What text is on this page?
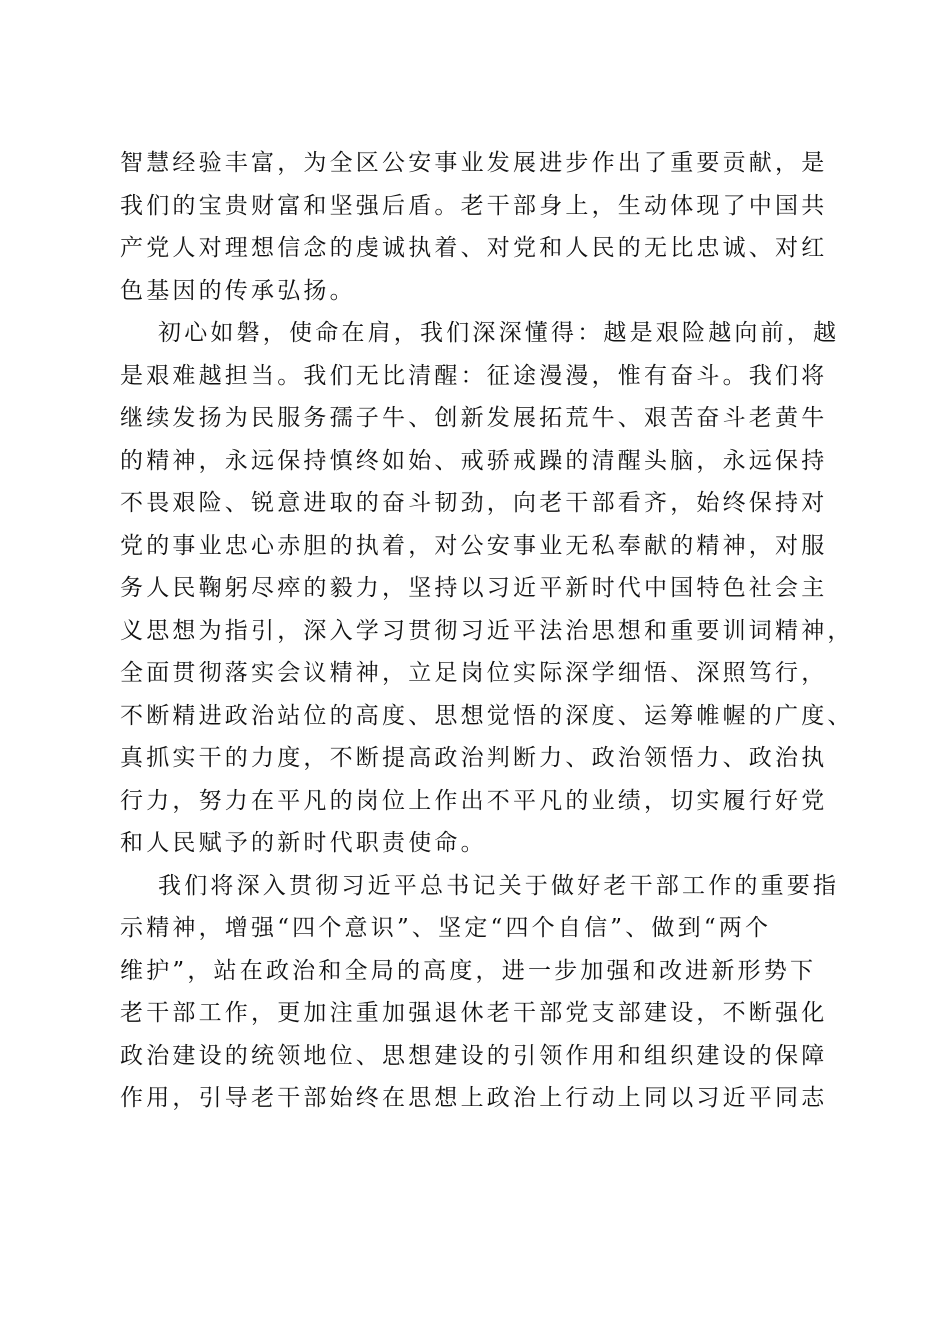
智慧经验丰富，为全区公安事业发展进步作出了重要贡献，是

我们的宝贵财富和坚强后盾。老干部身上，生动体现了中国共

产党人对理想信念的虔诚执着、对党和人民的无比忠诚、对红

色基因的传承弘扬。

初心如磐，使命在肩，我们深深懂得：越是艰险越向前，越

是艰难越担当。我们无比清醒：征途漫漫，惟有奋斗。我们将

继续发扬为民服务孺子牛、创新发展拓荒牛、艰苦奋斗老黄牛

的精神，永远保持慎终如始、戒骄戒躁的清醒头脑，永远保持

不畏艰险、锐意进取的奋斗韧劲，向老干部看齐，始终保持对

党的事业忠心赤胆的执着，对公安事业无私奉献的精神，对服

务人民鞠躬尽瘁的毅力，坚持以习近平新时代中国特色社会主

义思想为指引，深入学习贯彻习近平法治思想和重要训词精神，

全面贯彻落实会议精神，立足岗位实际深学细悟、深照笃行，

不断精进政治站位的高度、思想觉悟的深度、运筹帷幄的广度、

真抓实干的力度，不断提高政治判断力、政治领悟力、政治执

行力，努力在平凡的岗位上作出不平凡的业绩，切实履行好党

和人民赋予的新时代职责使命。

我们将深入贯彻习近平总书记关于做好老干部工作的重要指

示精神，增强“四个意识”、坚定“四个自信”、做到“两个

维护”，站在政治和全局的高度，进一步加强和改进新形势下

老干部工作，更加注重加强退休老干部党支部建设，不断强化

政治建设的统领地位、思想建设的引领作用和组织建设的保障

作用，引导老干部始终在思想上政治上行动上同以习近平同志
